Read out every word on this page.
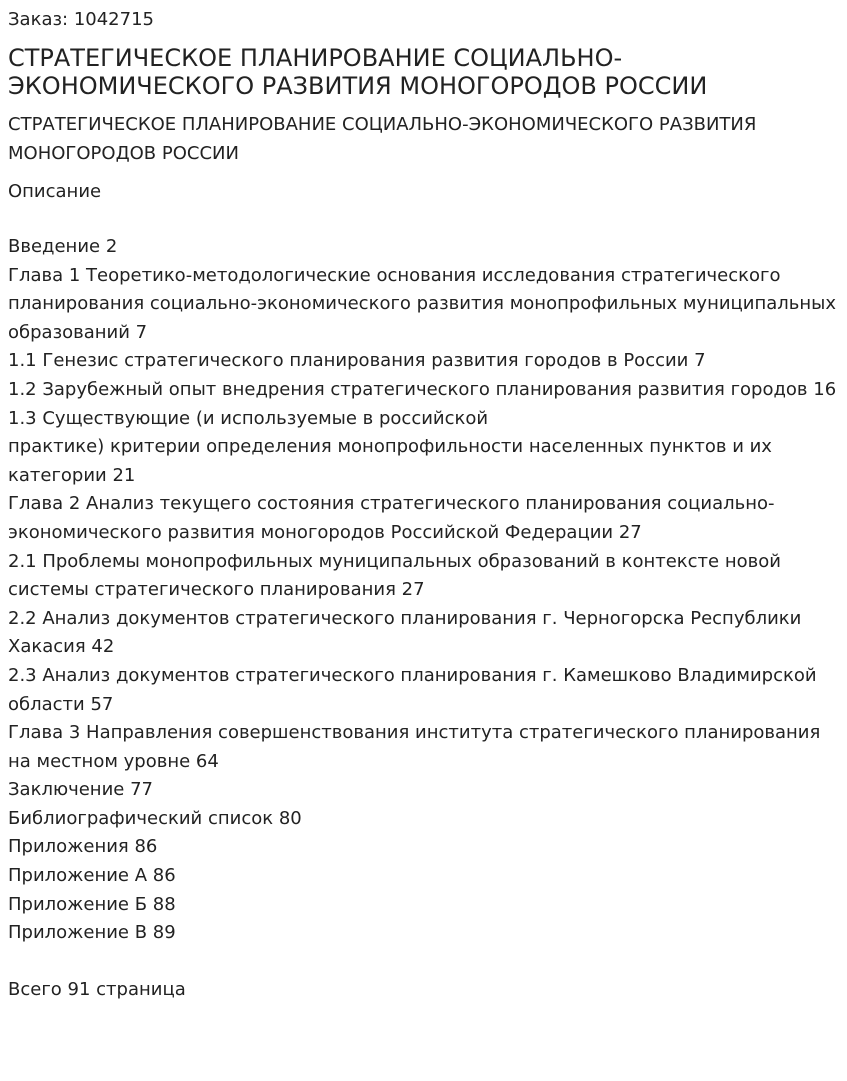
Заказ: 1042715
СТРАТЕГИЧЕСКОЕ ПЛАНИРОВАНИЕ СОЦИАЛЬНО-ЭКОНОМИЧЕСКОГО РАЗВИТИЯ МОНОГОРОДОВ РОССИИ
СТРАТЕГИЧЕСКОЕ ПЛАНИРОВАНИЕ СОЦИАЛЬНО-ЭКОНОМИЧЕСКОГО РАЗВИТИЯ МОНОГОРОДОВ РОССИИ
Описание
Введение 2
Глава 1 Теоретико-методологические основания исследования стратегического планирования социально-экономического развития монопрофильных муниципальных образований 7
1.1 Генезис стратегического планирования развития городов в России 7
1.2 Зарубежный опыт внедрения стратегического планирования развития городов 16
1.3 Существующие (и используемые в российской
практике) критерии определения монопрофильности населенных пунктов и их категории 21
Глава 2 Анализ текущего состояния стратегического планирования социально-экономического развития моногородов Российской Федерации 27
2.1 Проблемы монопрофильных муниципальных образований в контексте новой системы стратегического планирования 27
2.2 Анализ документов стратегического планирования г. Черногорска Республики Хакасия 42
2.3 Анализ документов стратегического планирования г. Камешково Владимирской области 57
Глава 3 Направления совершенствования института стратегического планирования на местном уровне 64
Заключение 77
Библиографический список 80
Приложения 86
Приложение А 86
Приложение Б 88
Приложение В 89
Всего 91 страница
